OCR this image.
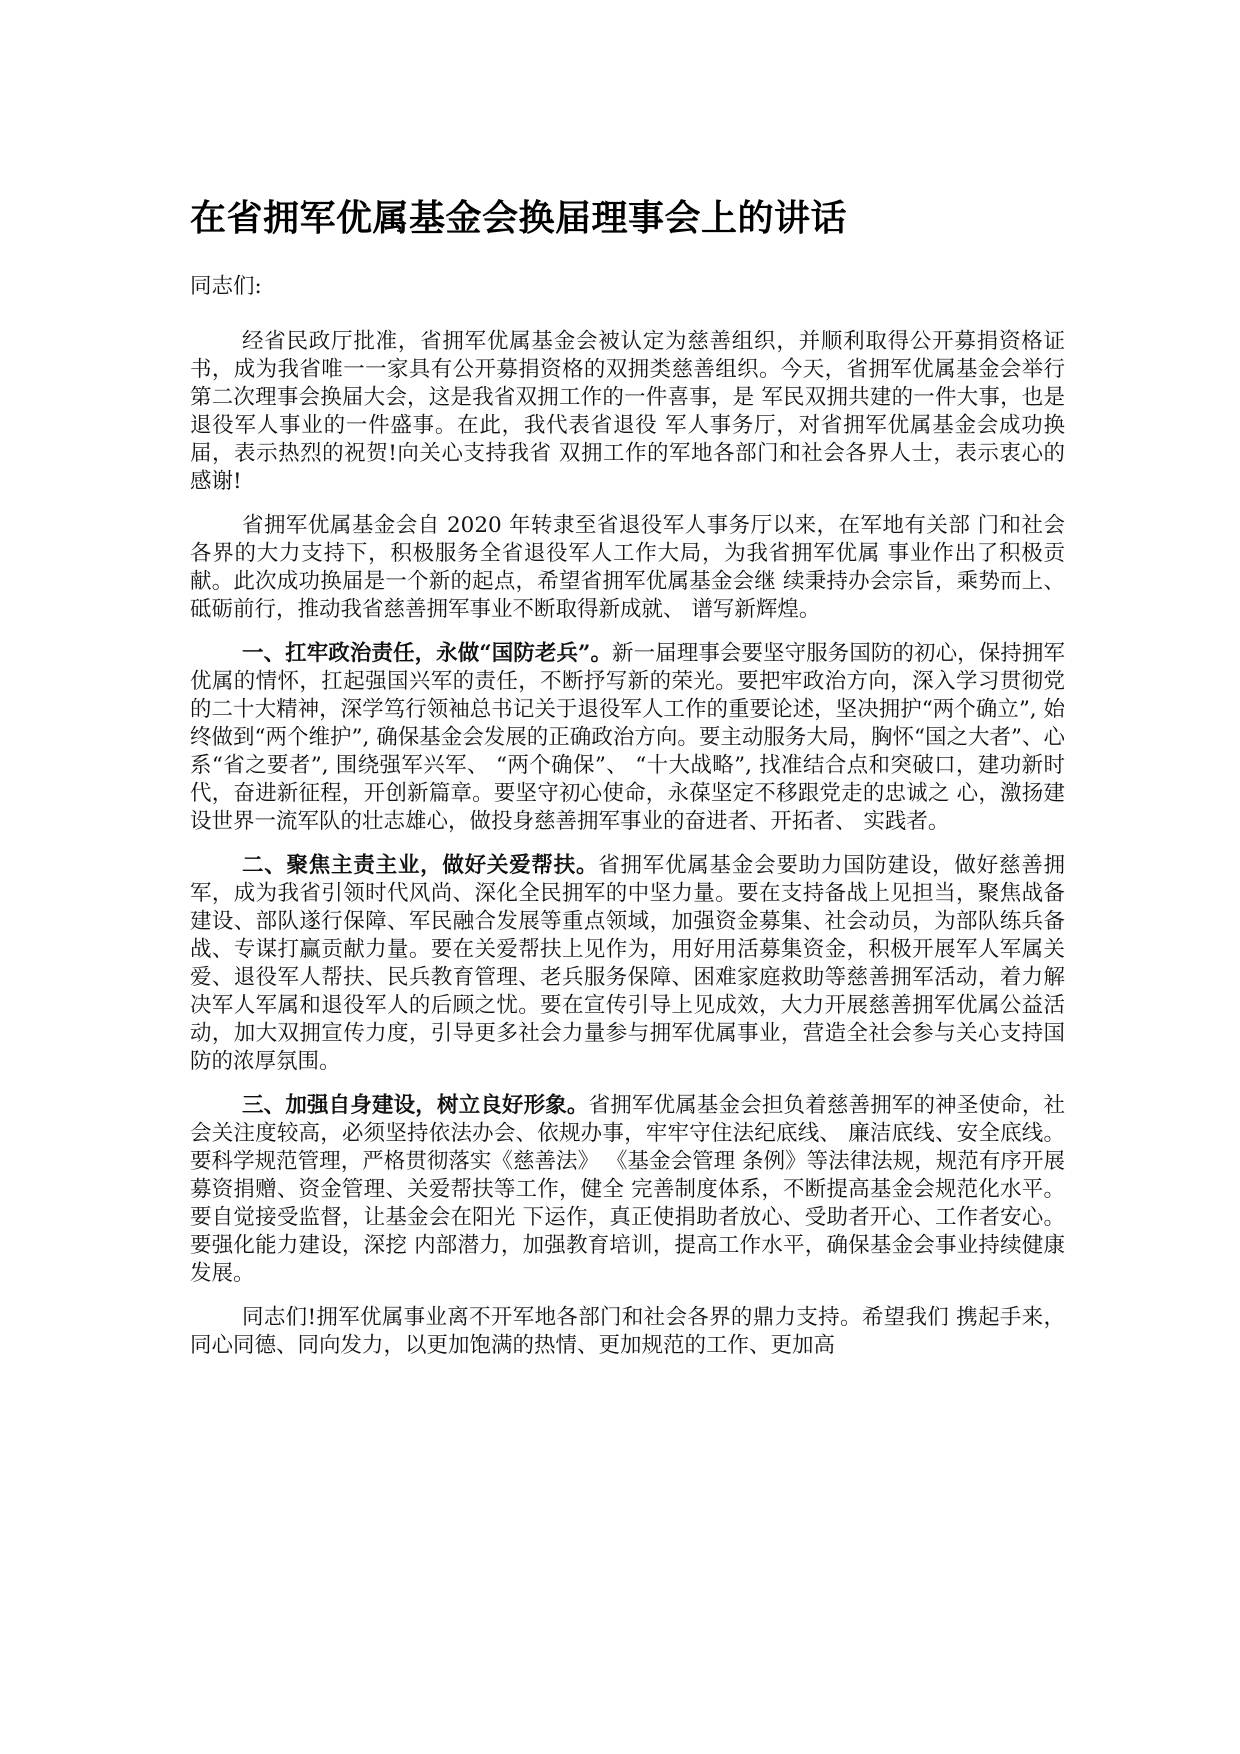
在省拥军优属基金会换届理事会上的讲话

同志们:

经省民政厅批准，省拥军优属基金会被认定为慈善组织，并顺利取得公开募捐资格证书，成为我省唯一一家具有公开募捐资格的双拥类慈善组织。今天，省拥军优属基金会举行第二次理事会换届大会，这是我省双拥工作的一件喜事，是 军民双拥共建的一件大事，也是退役军人事业的一件盛事。在此，我代表省退役 军人事务厅，对省拥军优属基金会成功换届，表示热烈的祝贺!向关心支持我省 双拥工作的军地各部门和社会各界人士，表示衷心的感谢!

省拥军优属基金会自 2020 年转隶至省退役军人事务厅以来，在军地有关部 门和社会各界的大力支持下，积极服务全省退役军人工作大局，为我省拥军优属 事业作出了积极贡献。此次成功换届是一个新的起点，希望省拥军优属基金会继 续秉持办会宗旨，乘势而上、砥砺前行，推动我省慈善拥军事业不断取得新成就、 谱写新辉煌。

一、扛牢政治责任，永做“国防老兵”。新一届理事会要坚守服务国防的初心，保持拥军优属的情怀，扛起强国兴军的责任，不断抒写新的荣光。要把牢政治方向，深入学习贯彻党的二十大精神，深学笃行领袖总书记关于退役军人工作的重要论述，坚决拥护“两个确立”, 始终做到“两个维护”, 确保基金会发展的正确政治方向。要主动服务大局，胸怀“国之大者”、心系“省之要者”, 围绕强军兴军、 “两个确保”、 “十大战略”, 找准结合点和突破口，建功新时 代，奋进新征程，开创新篇章。要坚守初心使命，永葆坚定不移跟党走的忠诚之 心，激扬建设世界一流军队的壮志雄心，做投身慈善拥军事业的奋进者、开拓者、 实践者。

二、聚焦主责主业，做好关爱帮扶。省拥军优属基金会要助力国防建设，做好慈善拥军，成为我省引领时代风尚、深化全民拥军的中坚力量。要在支持备战上见担当，聚焦战备建设、部队遂行保障、军民融合发展等重点领域，加强资金募集、社会动员，为部队练兵备战、专谋打赢贡献力量。要在关爱帮扶上见作为，用好用活募集资金，积极开展军人军属关爱、退役军人帮扶、民兵教育管理、老兵服务保障、困难家庭救助等慈善拥军活动，着力解决军人军属和退役军人的后顾之忧。要在宣传引导上见成效，大力开展慈善拥军优属公益活动，加大双拥宣传力度，引导更多社会力量参与拥军优属事业，营造全社会参与关心支持国防的浓厚氛围。

三、加强自身建设，树立良好形象。省拥军优属基金会担负着慈善拥军的神圣使命，社会关注度较高，必须坚持依法办会、依规办事，牢牢守住法纪底线、 廉洁底线、安全底线。要科学规范管理，严格贯彻落实《慈善法》 《基金会管理 条例》等法律法规，规范有序开展募资捐赠、资金管理、关爱帮扶等工作，健全 完善制度体系，不断提高基金会规范化水平。要自觉接受监督，让基金会在阳光 下运作，真正使捐助者放心、受助者开心、工作者安心。要强化能力建设，深挖 内部潜力，加强教育培训，提高工作水平，确保基金会事业持续健康发展。

同志们!拥军优属事业离不开军地各部门和社会各界的鼎力支持。希望我们 携起手来，同心同德、同向发力，以更加饱满的热情、更加规范的工作、更加高
